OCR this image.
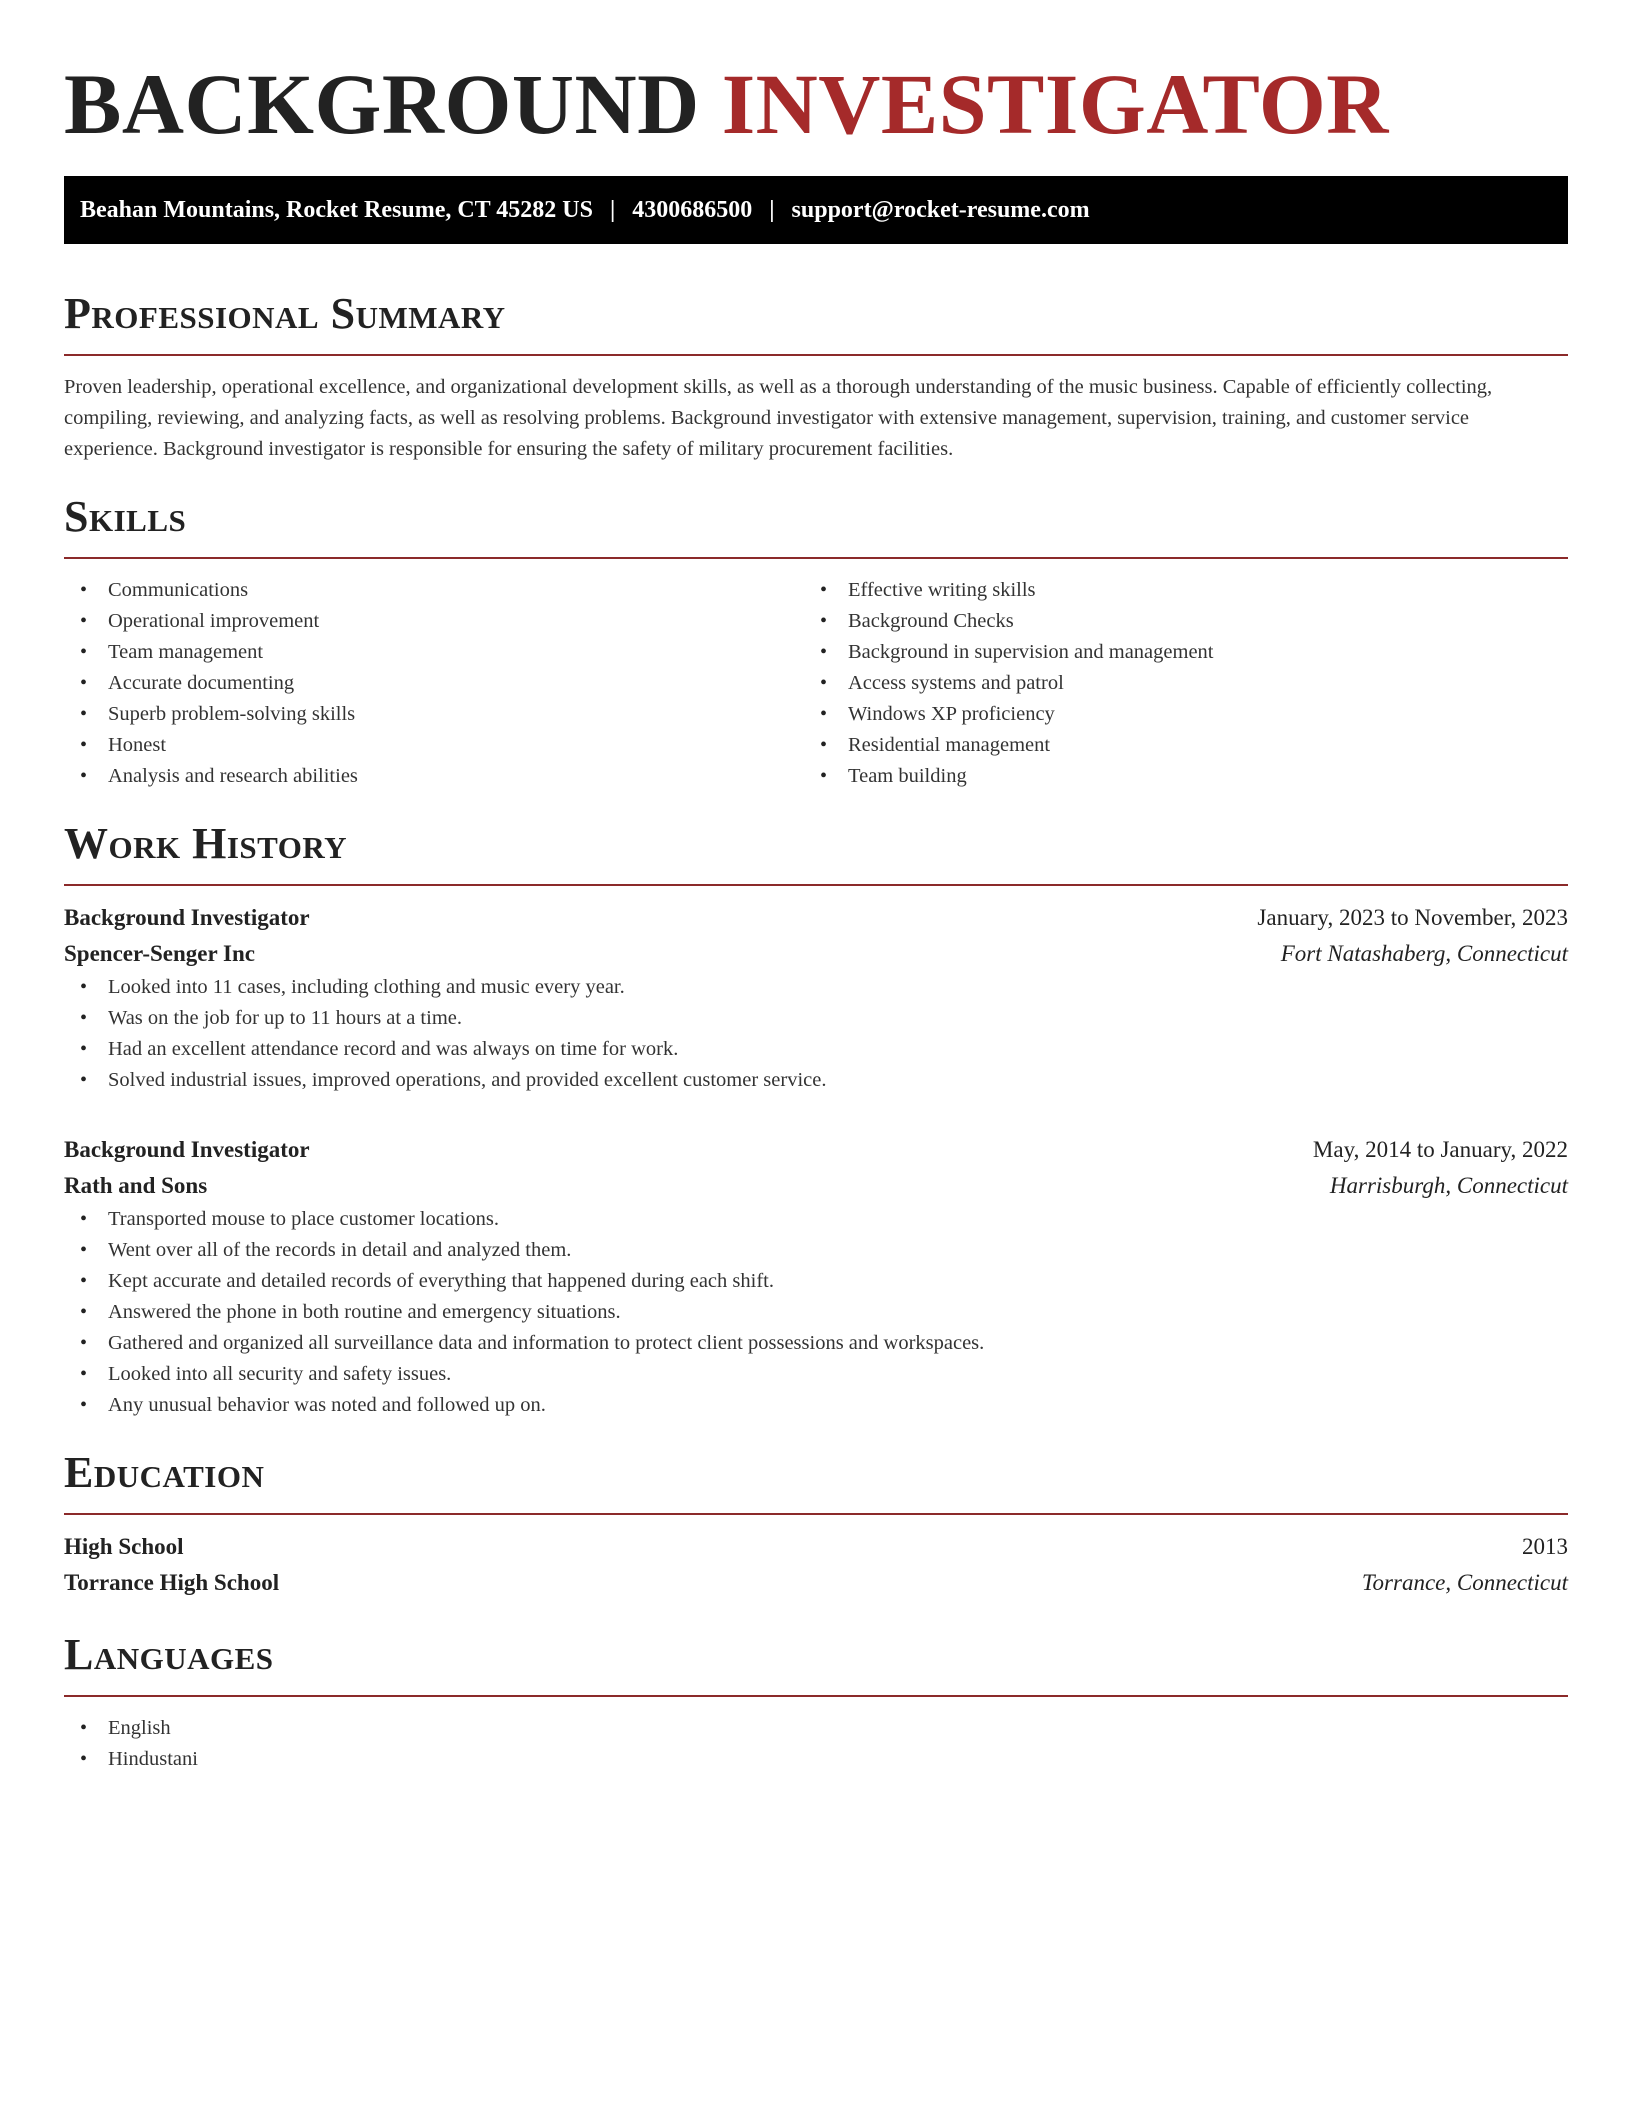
BACKGROUND INVESTIGATOR
Beahan Mountains, Rocket Resume, CT 45282 US | 4300686500 | support@rocket-resume.com
Professional Summary

Proven leadership, operational excellence, and organizational development skills, as well as a thorough understanding of the music business. Capable of efficiently collecting, compiling, reviewing, and analyzing facts, as well as resolving problems. Background investigator with extensive management, supervision, training, and customer service experience. Background investigator is responsible for ensuring the safety of military procurement facilities.

Skills
• Communications
• Operational improvement
• Team management
• Accurate documenting
• Superb problem-solving skills
• Honest
• Analysis and research abilities
• Effective writing skills
• Background Checks
• Background in supervision and management
• Access systems and patrol
• Windows XP proficiency
• Residential management
• Team building
Work History
Background Investigator	January, 2023 to November, 2023
Spencer-Senger Inc	Fort Natashaberg, Connecticut
• Looked into 11 cases, including clothing and music every year.
• Was on the job for up to 11 hours at a time.
• Had an excellent attendance record and was always on time for work.
• Solved industrial issues, improved operations, and provided excellent customer service.
Background Investigator	May, 2014 to January, 2022
Rath and Sons	Harrisburgh, Connecticut
• Transported mouse to place customer locations.
• Went over all of the records in detail and analyzed them.
• Kept accurate and detailed records of everything that happened during each shift.
• Answered the phone in both routine and emergency situations.
• Gathered and organized all surveillance data and information to protect client possessions and workspaces.
• Looked into all security and safety issues.
• Any unusual behavior was noted and followed up on.
Education
High School	2013
Torrance High School	Torrance, Connecticut
Languages
• English
• Hindustani
